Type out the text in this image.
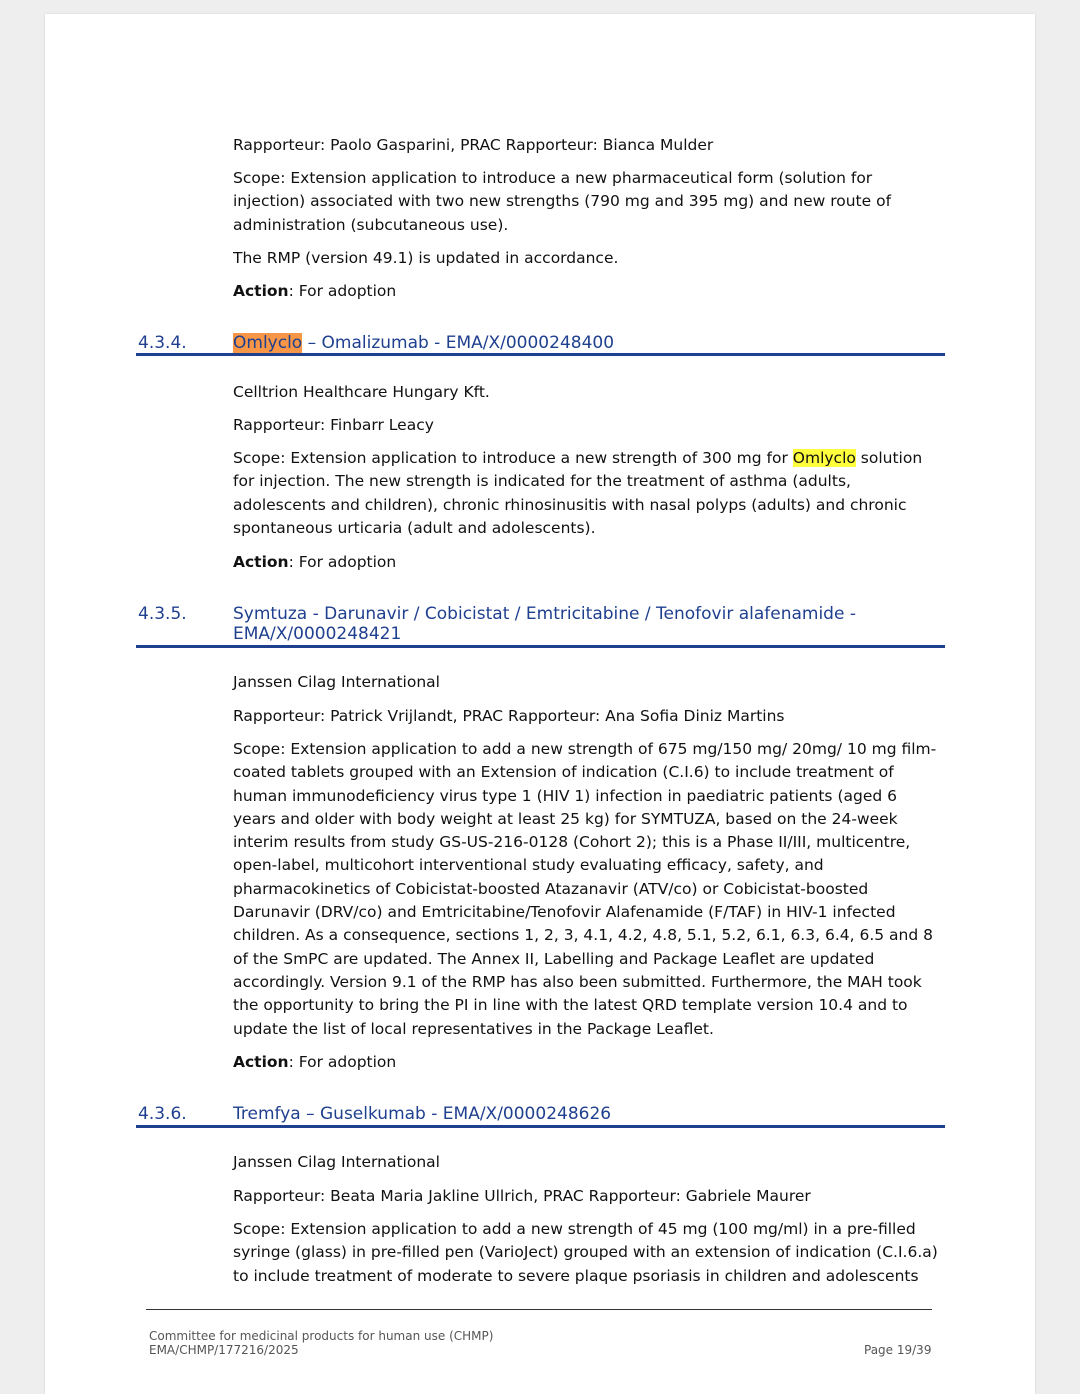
Rapporteur: Paolo Gasparini, PRAC Rapporteur: Bianca Mulder

Scope: Extension application to introduce a new pharmaceutical form (solution for injection) associated with two new strengths (790 mg and 395 mg) and new route of administration (subcutaneous use).

The RMP (version 49.1) is updated in accordance.

Action: For adoption

4.3.4.	Omlyclo – Omalizumab - EMA/X/0000248400

Celltrion Healthcare Hungary Kft.

Rapporteur: Finbarr Leacy

Scope: Extension application to introduce a new strength of 300 mg for Omlyclo solution for injection. The new strength is indicated for the treatment of asthma (adults, adolescents and children), chronic rhinosinusitis with nasal polyps (adults) and chronic spontaneous urticaria (adult and adolescents).

Action: For adoption

4.3.5.	Symtuza - Darunavir / Cobicistat / Emtricitabine / Tenofovir alafenamide - EMA/X/0000248421

Janssen Cilag International

Rapporteur: Patrick Vrijlandt, PRAC Rapporteur: Ana Sofia Diniz Martins

Scope: Extension application to add a new strength of 675 mg/150 mg/ 20mg/ 10 mg film-coated tablets grouped with an Extension of indication (C.I.6) to include treatment of human immunodeficiency virus type 1 (HIV 1) infection in paediatric patients (aged 6 years and older with body weight at least 25 kg) for SYMTUZA, based on the 24-week interim results from study GS-US-216-0128 (Cohort 2); this is a Phase II/III, multicentre, open-label, multicohort interventional study evaluating efficacy, safety, and pharmacokinetics of Cobicistat-boosted Atazanavir (ATV/co) or Cobicistat-boosted Darunavir (DRV/co) and Emtricitabine/Tenofovir Alafenamide (F/TAF) in HIV-1 infected children. As a consequence, sections 1, 2, 3, 4.1, 4.2, 4.8, 5.1, 5.2, 6.1, 6.3, 6.4, 6.5 and 8 of the SmPC are updated. The Annex II, Labelling and Package Leaflet are updated accordingly. Version 9.1 of the RMP has also been submitted. Furthermore, the MAH took the opportunity to bring the PI in line with the latest QRD template version 10.4 and to update the list of local representatives in the Package Leaflet.

Action: For adoption

4.3.6.	Tremfya – Guselkumab - EMA/X/0000248626

Janssen Cilag International

Rapporteur: Beata Maria Jakline Ullrich, PRAC Rapporteur: Gabriele Maurer

Scope: Extension application to add a new strength of 45 mg (100 mg/ml) in a pre-filled syringe (glass) in pre-filled pen (VarioJect) grouped with an extension of indication (C.I.6.a) to include treatment of moderate to severe plaque psoriasis in children and adolescents

Committee for medicinal products for human use (CHMP)
EMA/CHMP/177216/2025	Page 19/39
